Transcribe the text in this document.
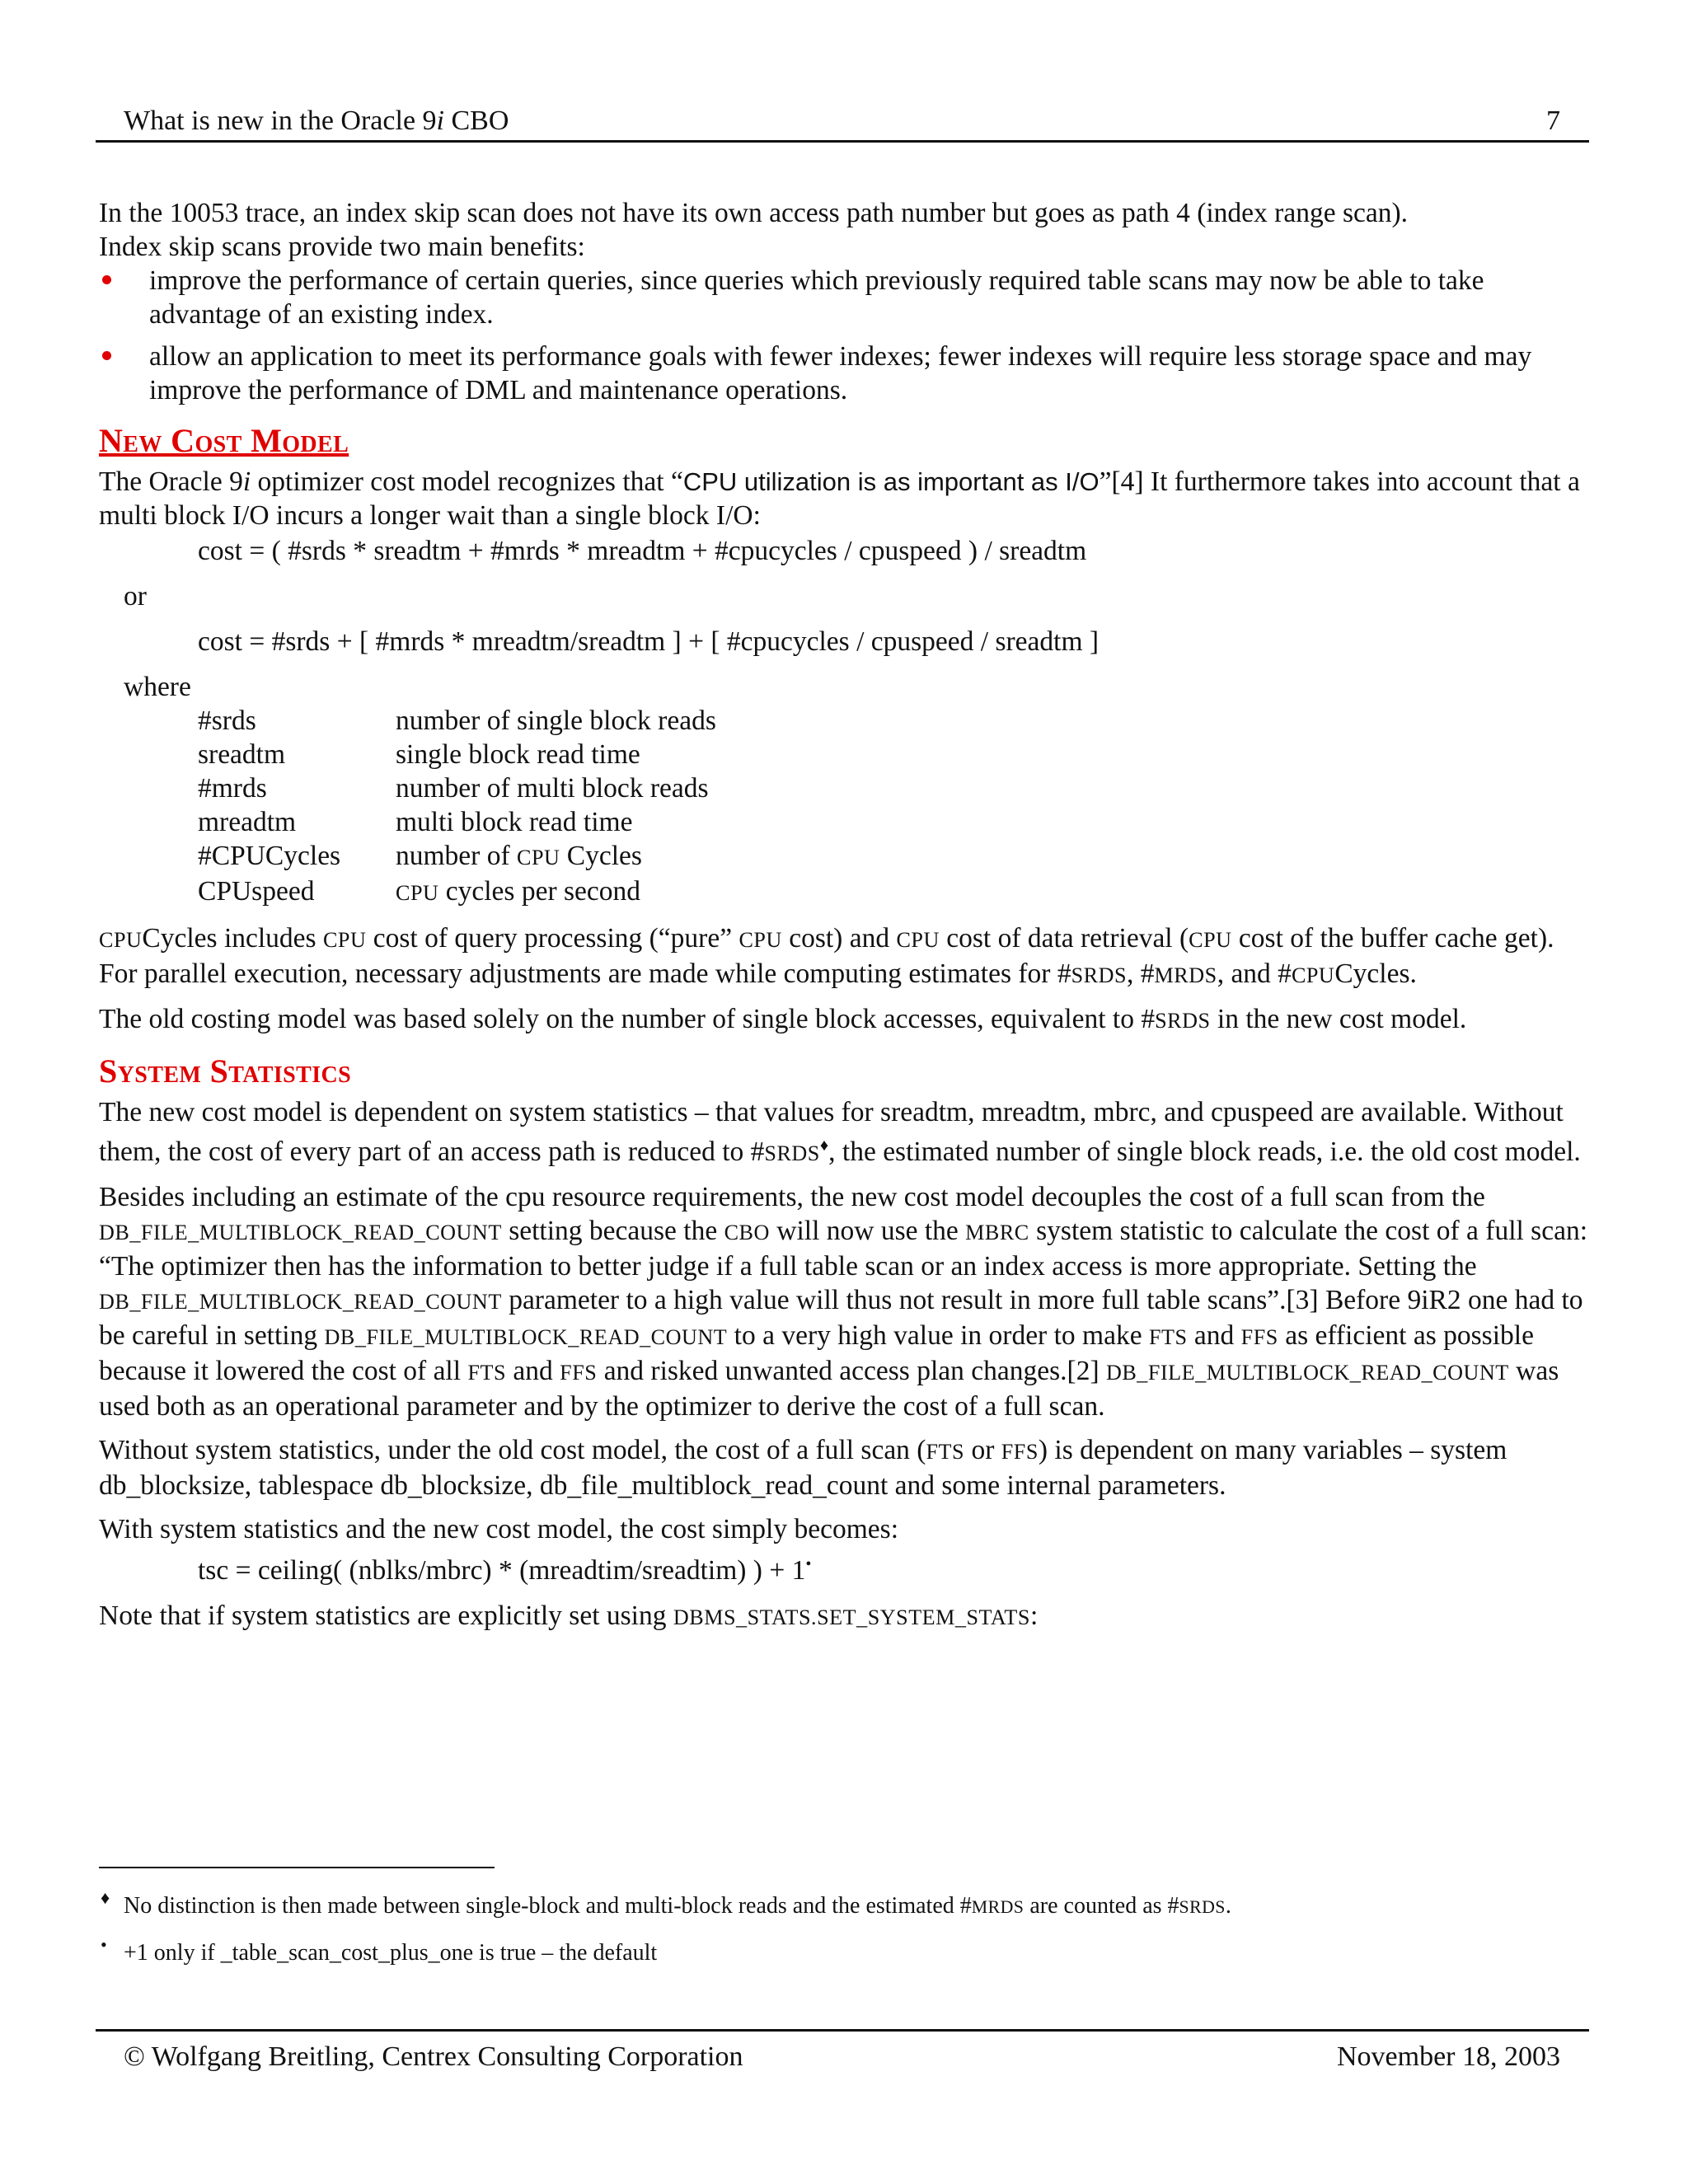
What is new in the Oracle 9i CBO	7

In the 10053 trace, an index skip scan does not have its own access path number but goes as path 4 (index range scan).

Index skip scans provide two main benefits:

improve the performance of certain queries, since queries which previously required table scans may now be able to take advantage of an existing index.
allow an application to meet its performance goals with fewer indexes; fewer indexes will require less storage space and may improve the performance of DML and maintenance operations.
New Cost Model

The Oracle 9i optimizer cost model recognizes that “CPU utilization is as important as I/O”[4] It furthermore takes into account that a multi block I/O incurs a longer wait than a single block I/O:

cost = ( #srds * sreadtm + #mrds * mreadtm + #cpucycles / cpuspeed ) / sreadtm

or

cost = #srds + [ #mrds * mreadtm/sreadtm ] + [ #cpucycles / cpuspeed / sreadtm ]

where

#srds	number of single block reads
sreadtm	single block read time
#mrds	number of multi block reads
mreadtm	multi block read time
#CPUCycles	number of CPU Cycles
CPUspeed	CPU cycles per second

CPUCycles includes CPU cost of query processing (“pure” CPU cost) and CPU cost of data retrieval (CPU cost of the buffer cache get). For parallel execution, necessary adjustments are made while computing estimates for #SRDS, #MRDS, and #CPUCycles.

The old costing model was based solely on the number of single block accesses, equivalent to #SRDS in the new cost model.

System Statistics

The new cost model is dependent on system statistics – that values for sreadtm, mreadtm, mbrc, and cpuspeed are available. Without them, the cost of every part of an access path is reduced to #SRDS♦, the estimated number of single block reads, i.e. the old cost model.

Besides including an estimate of the cpu resource requirements, the new cost model decouples the cost of a full scan from the DB_FILE_MULTIBLOCK_READ_COUNT setting because the CBO will now use the MBRC system statistic to calculate the cost of a full scan: “The optimizer then has the information to better judge if a full table scan or an index access is more appropriate. Setting the DB_FILE_MULTIBLOCK_READ_COUNT parameter to a high value will thus not result in more full table scans”.[3] Before 9iR2 one had to be careful in setting DB_FILE_MULTIBLOCK_READ_COUNT to a very high value in order to make FTS and FFS as efficient as possible because it lowered the cost of all FTS and FFS and risked unwanted access plan changes.[2] DB_FILE_MULTIBLOCK_READ_COUNT was used both as an operational parameter and by the optimizer to derive the cost of a full scan.

Without system statistics, under the old cost model, the cost of a full scan (FTS or FFS) is dependent on many variables – system db_blocksize, tablespace db_blocksize, db_file_multiblock_read_count and some internal parameters.

With system statistics and the new cost model, the cost simply becomes:

tsc = ceiling( (nblks/mbrc) * (mreadtim/sreadtim) ) + 1•

Note that if system statistics are explicitly set using DBMS_STATS.SET_SYSTEM_STATS:

♦ No distinction is then made between single-block and multi-block reads and the estimated #MRDS are counted as #SRDS.
• +1 only if _table_scan_cost_plus_one is true – the default
© Wolfgang Breitling, Centrex Consulting Corporation	November 18, 2003
